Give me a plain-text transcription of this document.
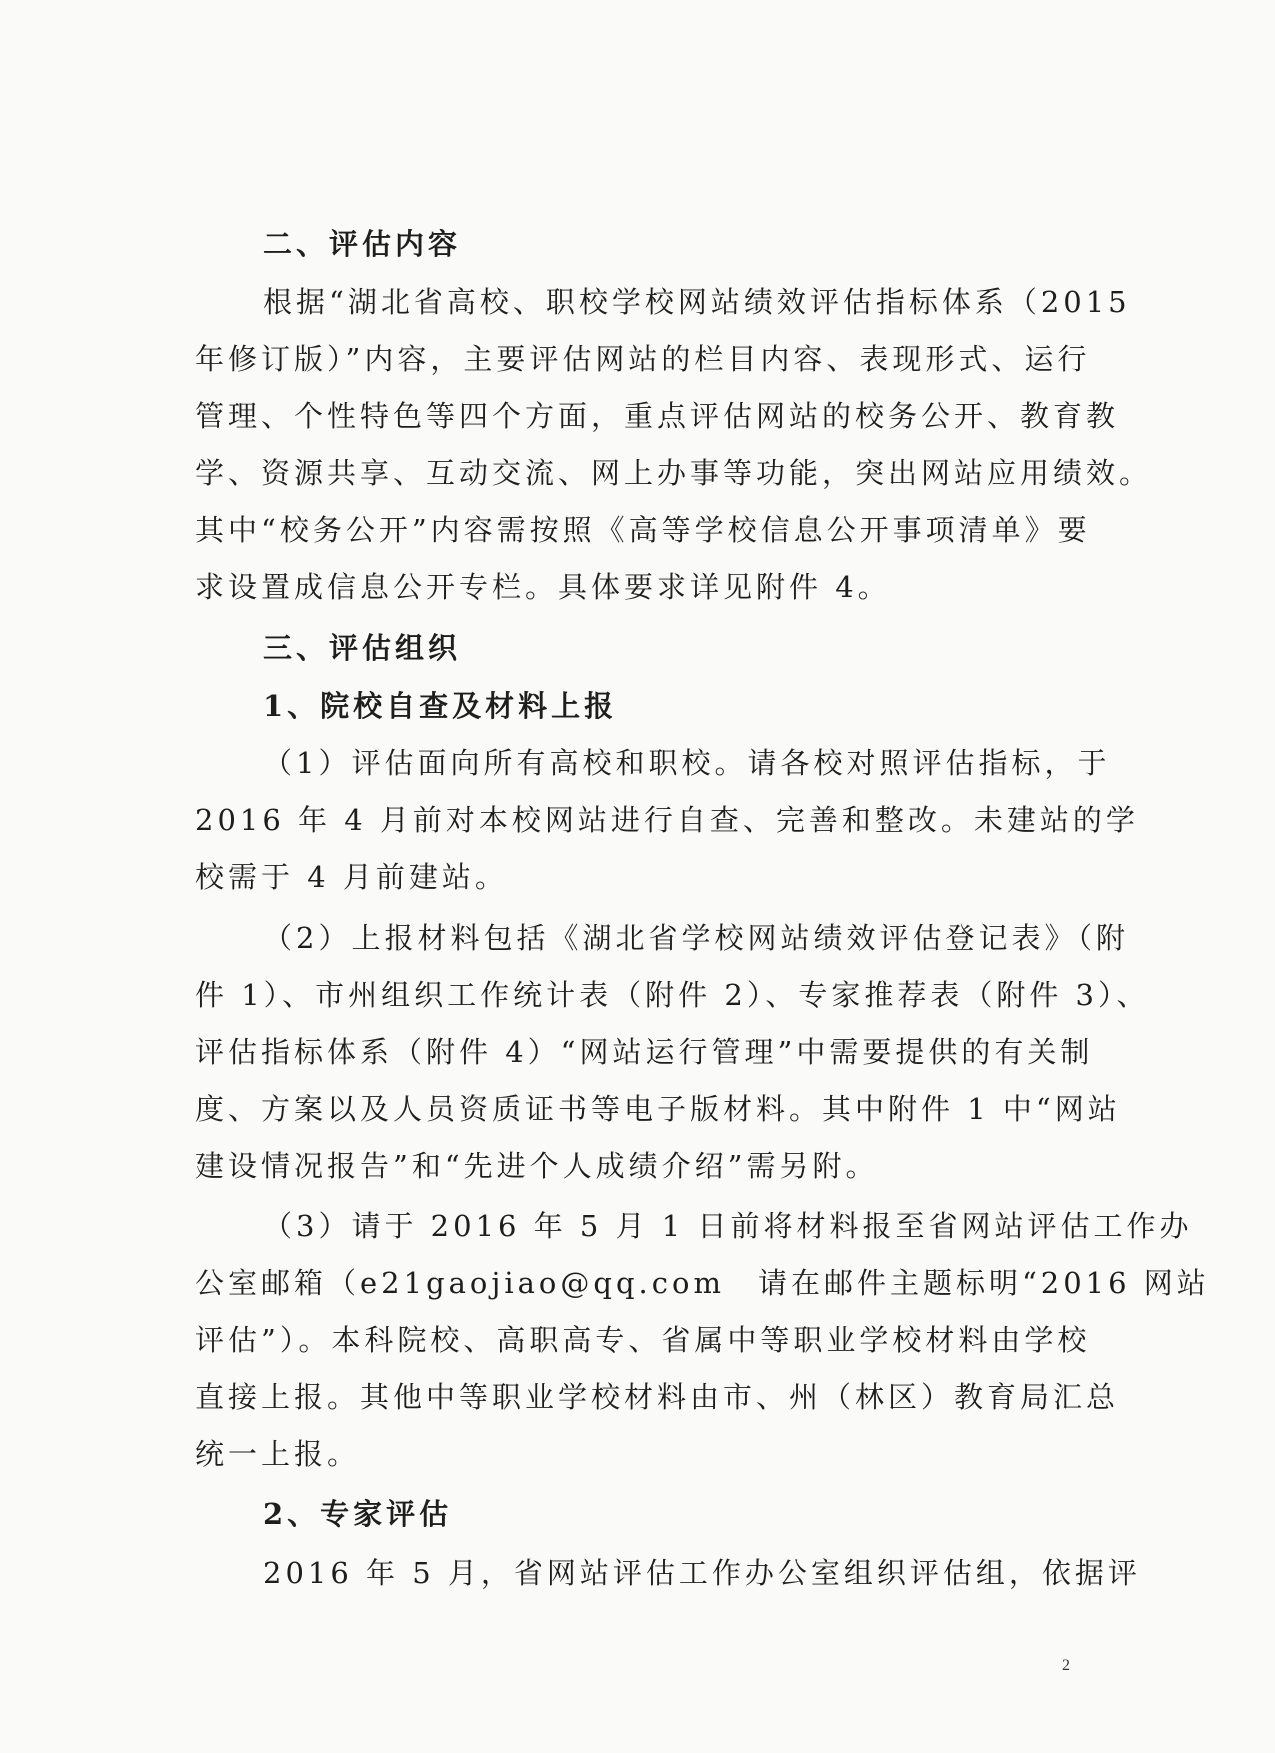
二、评估内容
根据“湖北省高校、职校学校网站绩效评估指标体系（2015
年修订版）”内容，主要评估网站的栏目内容、表现形式、运行
管理、个性特色等四个方面，重点评估网站的校务公开、教育教
学、资源共享、互动交流、网上办事等功能，突出网站应用绩效。
其中“校务公开”内容需按照《高等学校信息公开事项清单》要
求设置成信息公开专栏。具体要求详见附件 4。
三、评估组织
1、院校自查及材料上报
（1）评估面向所有高校和职校。请各校对照评估指标，于
2016 年 4 月前对本校网站进行自查、完善和整改。未建站的学
校需于 4 月前建站。
（2）上报材料包括《湖北省学校网站绩效评估登记表》（附
件 1）、市州组织工作统计表（附件 2）、专家推荐表（附件 3）、
评估指标体系（附件 4）“网站运行管理”中需要提供的有关制
度、方案以及人员资质证书等电子版材料。其中附件 1 中“网站
建设情况报告”和“先进个人成绩介绍”需另附。
（3）请于 2016 年 5 月 1 日前将材料报至省网站评估工作办
公室邮箱（e21gaojiao@qq.com　请在邮件主题标明“2016 网站
评估”）。本科院校、高职高专、省属中等职业学校材料由学校
直接上报。其他中等职业学校材料由市、州（林区）教育局汇总
统一上报。
2、专家评估
2016 年 5 月，省网站评估工作办公室组织评估组，依据评
2
